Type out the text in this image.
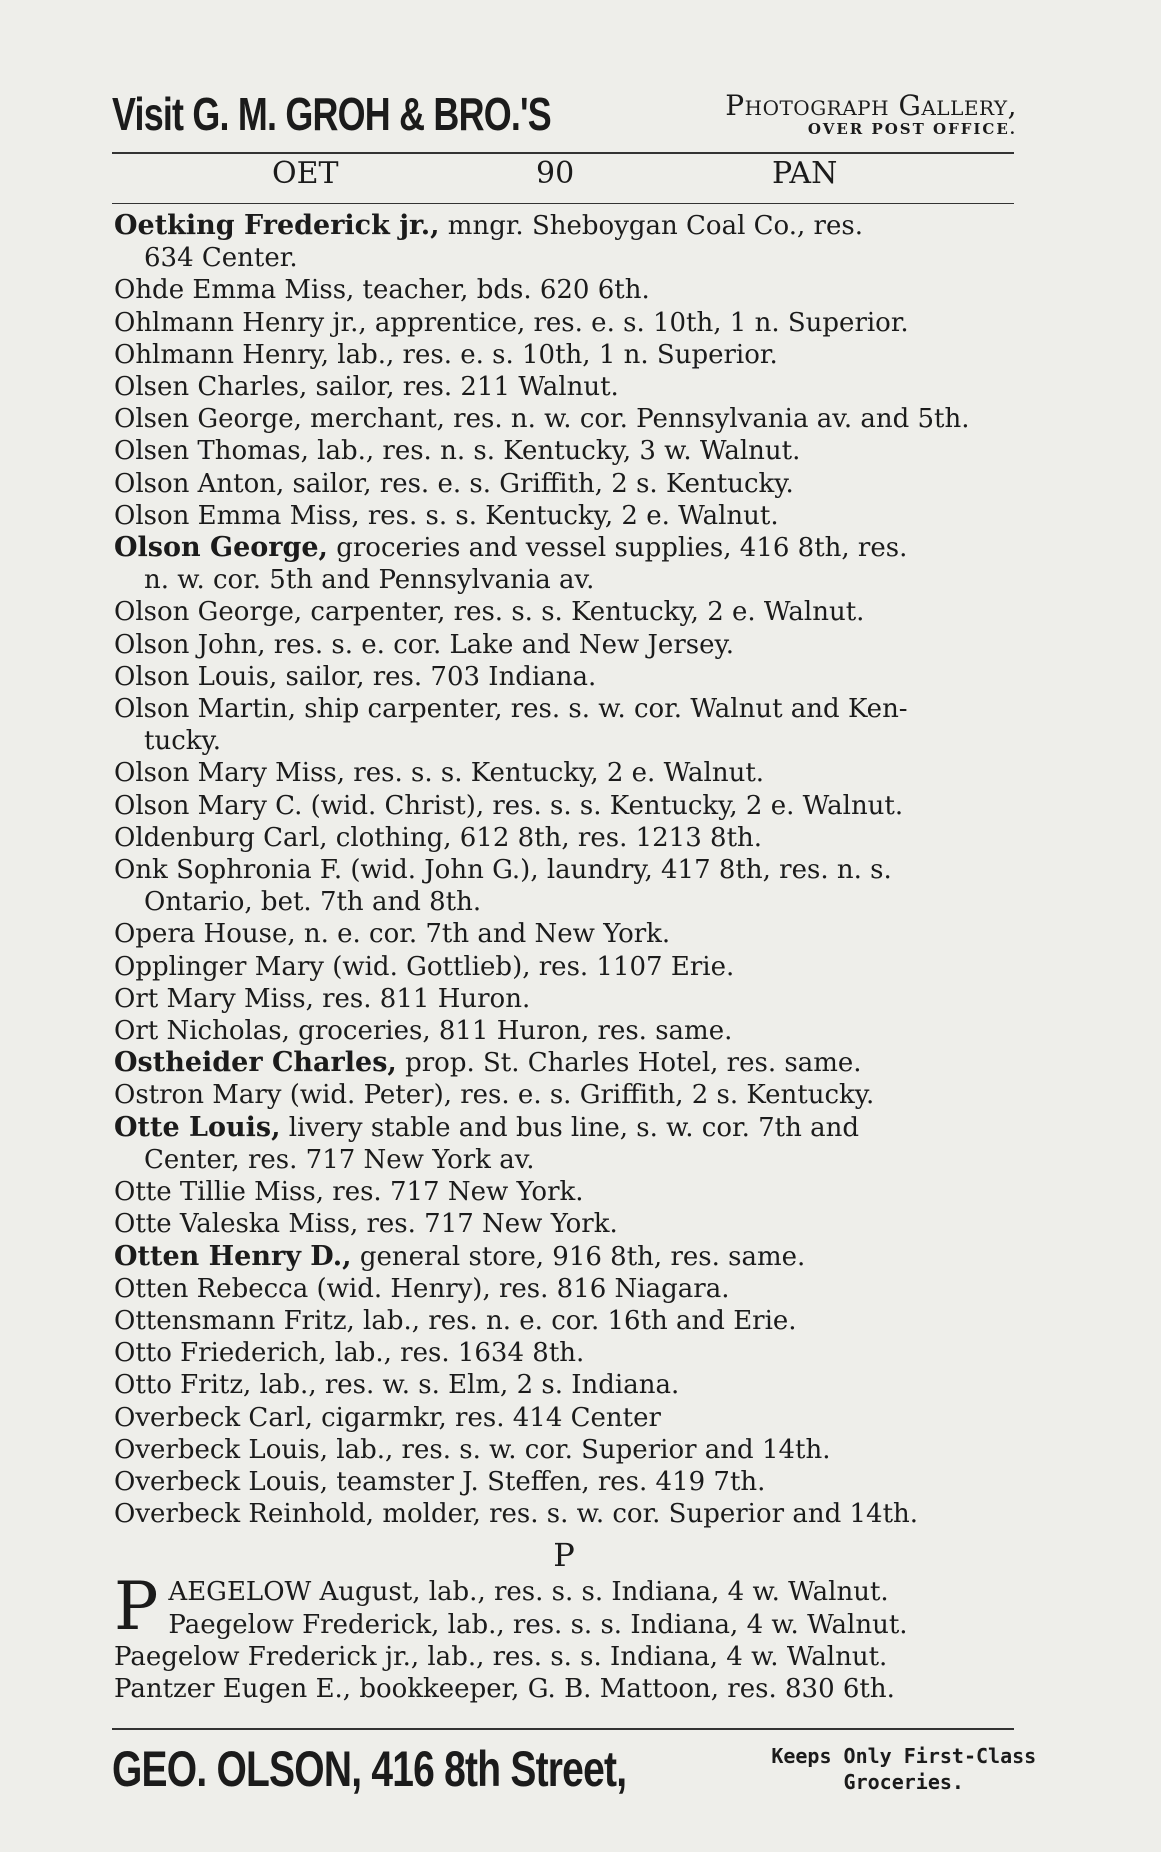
Visit G. M. GROH & BRO.'S	Photograph Gallery,
OVER POST OFFICE.
OET	90	PAN
Oetking Frederick jr., mngr. Sheboygan Coal Co., res.
634 Center.
Ohde Emma Miss, teacher, bds. 620 6th.
Ohlmann Henry jr., apprentice, res. e. s. 10th, 1 n. Superior.
Ohlmann Henry, lab., res. e. s. 10th, 1 n. Superior.
Olsen Charles, sailor, res. 211 Walnut.
Olsen George, merchant, res. n. w. cor. Pennsylvania av. and 5th.
Olsen Thomas, lab., res. n. s. Kentucky, 3 w. Walnut.
Olson Anton, sailor, res. e. s. Griffith, 2 s. Kentucky.
Olson Emma Miss, res. s. s. Kentucky, 2 e. Walnut.
Olson George, groceries and vessel supplies, 416 8th, res.
n. w. cor. 5th and Pennsylvania av.
Olson George, carpenter, res. s. s. Kentucky, 2 e. Walnut.
Olson John, res. s. e. cor. Lake and New Jersey.
Olson Louis, sailor, res. 703 Indiana.
Olson Martin, ship carpenter, res. s. w. cor. Walnut and Ken-
tucky.
Olson Mary Miss, res. s. s. Kentucky, 2 e. Walnut.
Olson Mary C. (wid. Christ), res. s. s. Kentucky, 2 e. Walnut.
Oldenburg Carl, clothing, 612 8th, res. 1213 8th.
Onk Sophronia F. (wid. John G.), laundry, 417 8th, res. n. s.
Ontario, bet. 7th and 8th.
Opera House, n. e. cor. 7th and New York.
Opplinger Mary (wid. Gottlieb), res. 1107 Erie.
Ort Mary Miss, res. 811 Huron.
Ort Nicholas, groceries, 811 Huron, res. same.
Ostheider Charles, prop. St. Charles Hotel, res. same.
Ostron Mary (wid. Peter), res. e. s. Griffith, 2 s. Kentucky.
Otte Louis, livery stable and bus line, s. w. cor. 7th and
Center, res. 717 New York av.
Otte Tillie Miss, res. 717 New York.
Otte Valeska Miss, res. 717 New York.
Otten Henry D., general store, 916 8th, res. same.
Otten Rebecca (wid. Henry), res. 816 Niagara.
Ottensmann Fritz, lab., res. n. e. cor. 16th and Erie.
Otto Friederich, lab., res. 1634 8th.
Otto Fritz, lab., res. w. s. Elm, 2 s. Indiana.
Overbeck Carl, cigarmkr, res. 414 Center
Overbeck Louis, lab., res. s. w. cor. Superior and 14th.
Overbeck Louis, teamster J. Steffen, res. 419 7th.
Overbeck Reinhold, molder, res. s. w. cor. Superior and 14th.
P
P AEGELOW August, lab., res. s. s. Indiana, 4 w. Walnut.
Paegelow Frederick, lab., res. s. s. Indiana, 4 w. Walnut.
Paegelow Frederick jr., lab., res. s. s. Indiana, 4 w. Walnut.
Pantzer Eugen E., bookkeeper, G. B. Mattoon, res. 830 6th.
GEO. OLSON, 416 8th Street,	Keeps Only First-Class
Groceries.
